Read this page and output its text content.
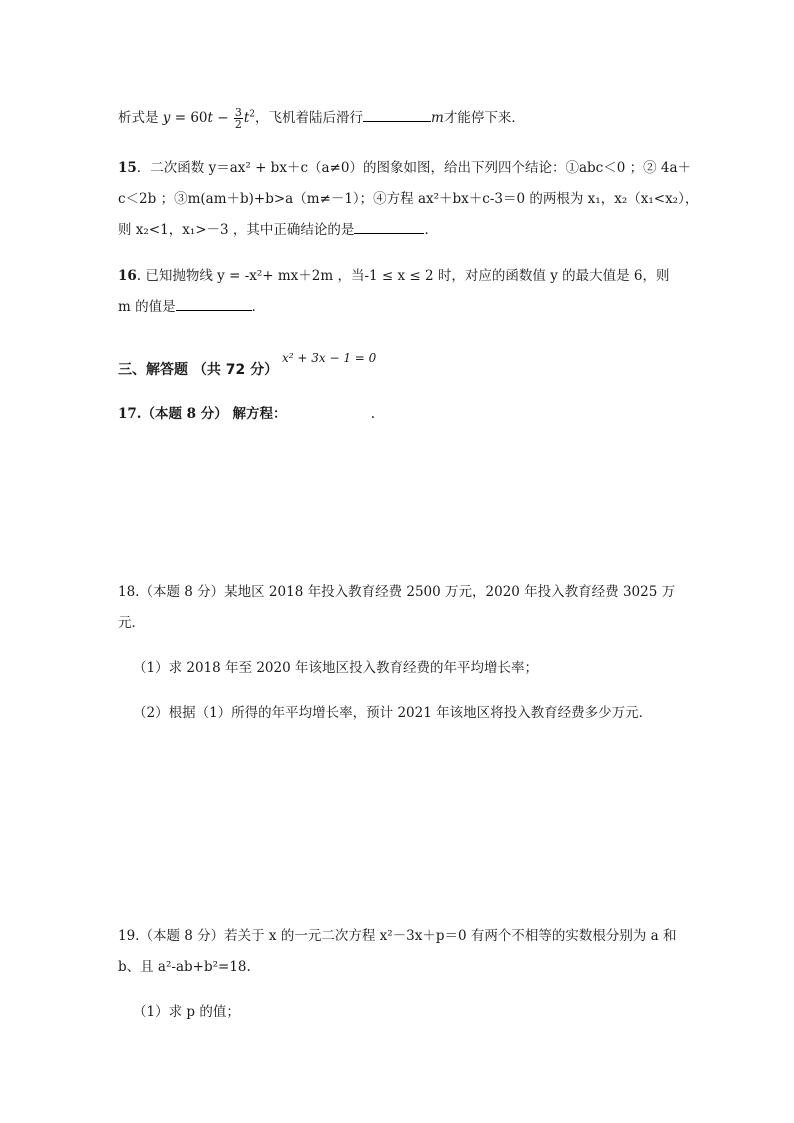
析式是 $y = 60t - \frac{3}{2} t^2$，飞机着陆后滑行	m才能停下来．
15．二次函数 y＝ax² + bx＋c（a≠0）的图象如图，给出下列四个结论：①abc＜0 ；② 4a＋
c＜2b ；③m(am＋b)+b>a（m≠－1）；④方程 ax²＋bx＋c-3＝0 的两根为 x₁，x₂（x₁<x₂），
则 x₂<1，x₁>－3 ，其中正确结论的是	．
16. 已知抛物线 y = -x²+ mx＋2m ，当-1 ≤ x ≤ 2 时，对应的函数值 y 的最大值是 6，则
m 的值是	．
三、解答题 （共 72 分）
x² + 3x − 1 = 0
17.（本题 8 分） 解方程：	.
18.（本题 8 分）某地区 2018 年投入教育经费 2500 万元，2020 年投入教育经费 3025 万
元．
（1）求 2018 年至 2020 年该地区投入教育经费的年平均增长率；
（2）根据（1）所得的年平均增长率，预计 2021 年该地区将投入教育经费多少万元．
19.（本题 8 分）若关于 x 的一元二次方程 x²－3x＋p＝0 有两个不相等的实数根分别为 a 和
b、且 a²-ab+b²=18.
（1）求 p 的值；
